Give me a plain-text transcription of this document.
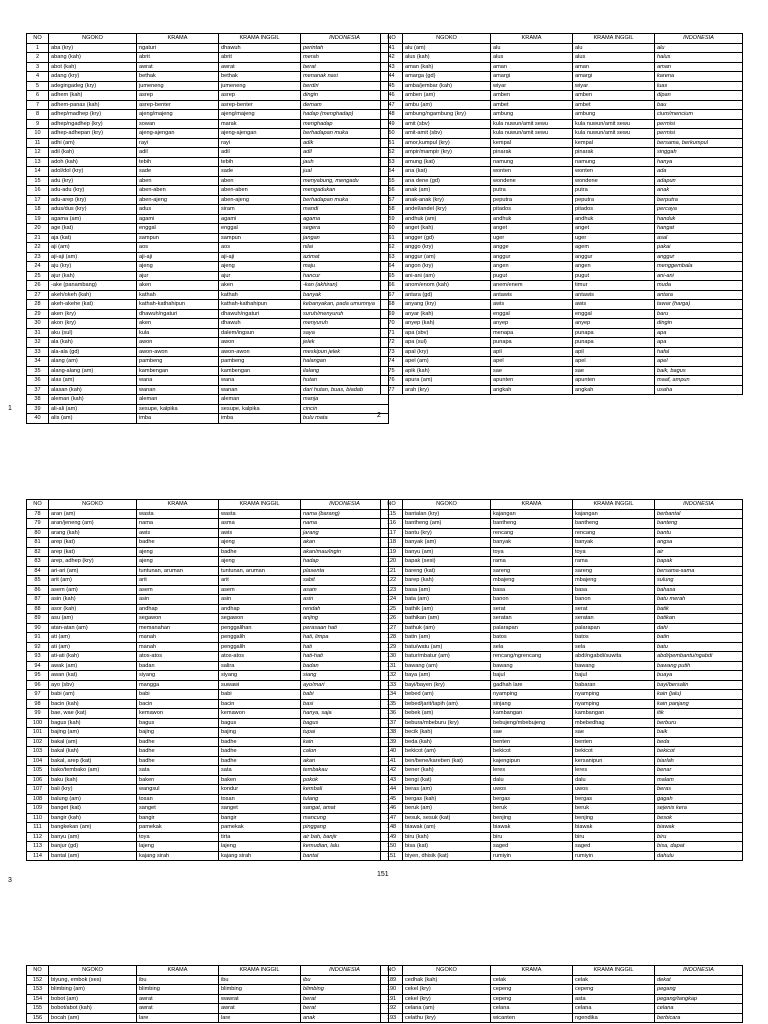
NO	NGOKO	KRAMA	KRAMA INGGIL	INDONESIA
1	aba (kry)	ngaturi	dhawuh	perintah
2	abang (kah)	abrit	abrit	merah
3	abot (kah)	awrat	awrat	berat
4	adang (kry)	bethak	bethak	menanak nasi
5	adegingadeg (kry)	jumeneng	jumeneng	berdiri
6	adhem (kah)	asrep	asrep	dingin
7	adhem-panas (kah)	asrep-benter	asrep-benter	demam
8	adhep/madhep (kry)	ajeng/majeng	ajeng/majeng	hadap (menghadap)
9	adhep/ngadhep (kry)	sowan	marak	menghadap
10	adhep-adhepan (kry)	ajeng-ajengan	ajeng-ajengan	berhadapan muka
11	adhi (am)	rayi	rayi	adik
12	adil (kah)	adil	adil	adil
13	adoh (kah)	tebih	tebih	jauh
14	adol/dol (kry)	sade	sade	jual
15	adu (kry)	aben	aben	menyabung, mengadu
16	adu-adu (kry)	aben-aben	aben-aben	mengadukan
17	adu-arep (kry)	aben-ajeng	aben-ajeng	berhadapan muka
18	adus/dus (kry)	adus	siram	mandi
19	agama (am)	agami	agami	agama
20	age (kat)	enggal	enggal	segera
21	aja (kat)	sampun	sampun	jangan
22	aji (am)	aos	aos	nilai
23	aji-aji (am)	aji-aji	aji-aji	azimat
24	aju (kry)	ajeng	ajeng	maju
25	ajur (kah)	ajur	ajur	hancur
26	-ake (panambang)	aken	aken	-kan (akhiran)
27	akeh/okeh (kah)	kathah	kathah	banyak
28	akeh-akehe (kat)	kathah-kathahipun	kathah-kathahipun	kebanyakan, pada umumnya
29	aken (kry)	dhawuh/ngaturi	dhawuh/ngaturi	suruh/menyuruh
30	akon (kry)	aken	dhawuh	menyuruh
31	aku (sul)	kula	dalem/ingsun	saya
32	ala (kah)	awon	awon	jelek
33	ala-ala (gd)	awon-awon	awon-awon	meskipun jelek
34	alang (am)	pambeng	pambeng	halangan
35	alang-alang (am)	kambengan	kambengan	ilalang
36	alas (am)	wana	wana	hutan
37	alasan (kah)	wanan	wanan	dari hutan, buas, biadab
38	aleman (kah)	aleman	aleman	manja
39	ali-ali (am)	sesupe, kalpika	sesupe, kalpika	cincin
40	alis (am)	imba	imba	bulu mata
NO	NGOKO	KRAMA	KRAMA INGGIL	INDONESIA
41	alu (am)	alu	alu	alu
42	alus (kah)	alus	alus	halus
43	aman (kah)	aman	aman	aman
44	amarga (gd)	amargi	amargi	karena
45	amba/jembar (kah)	wiyar	wiyar	luas
46	amben (am)	amben	amben	dipan
47	ambu (am)	ambet	ambet	bau
48	ambung/ngambung (kry)	ambung	ambung	cium/mencium
49	amit (sbv)	kula nuwun/amit sewu	kula nuwun/amit sewu	permisi
50	amit-amit (sbv)	kula nuwun/amit sewu	kula nuwun/amit sewu	permisi
51	amor,kumpul (kry)	kempal	kempal	bersama, berkumpul
52	ampir/mampir (kry)	pinarak	pinarak	singgah
53	amung (kat)	namung	namung	hanya
54	ana (kat)	wonten	wonten	ada
55	ana dene (gd)	wondene	wondene	adapun
56	anak (am)	putra	putra	anak
57	anak-anak (kry)	peputra	peputra	berputra
58	andel/andel (kry)	pitados	pitados	percaya
59	andhuk (am)	andhuk	andhuk	handuk
60	anget (kah)	anget	anget	hangat
61	angger (gd)	uger	uger	asal
62	anggo (kry)	angge	agem	pakai
63	anggur (am)	anggur	anggur	anggur
64	angon (kry)	angen	angen	menggembala
65	ani-ani (am)	pugut	pugut	ani-ani
66	anom/enom (kah)	anem/enem	timur	muda
67	antara (gd)	antawis	antawis	antara
68	anyang (kry)	awis	awis	tawar (harga)
69	anyar (kah)	enggal	enggal	baru
70	anyep (kah)	anyep	anyep	dingin
71	apa (sbv)	menapa	punapa	apa
72	apa (sul)	punapa	punapa	apa
73	apal (kry)	apil	apil	hafal
74	apel (am)	apel	apel	apel
75	apik (kah)	sae	sae	baik, bagus
76	apura (am)	apunten	apunten	maaf, ampun
77	arah (kry)	angkah	angkah	usaha
NO	NGOKO	KRAMA	KRAMA INGGIL	INDONESIA
78	aran (am)	wasta	wasta	nama (barang)
79	aran/jeneng (am)	nama	asma	nama
80	arang (kah)	awis	awis	jarang
81	arep (kat)	badhe	ajeng	akan
82	arep (kat)	ajeng	badhe	akan/mau/ingin
83	arep, adhep (kry)	ajeng	ajeng	hadap
84	ari-ari (am)	tuntunan, aruman	tuntunan, aruman	plasenta
85	arit (am)	arit	arit	sabit
86	asem (am)	asem	asem	asam
87	asin (kah)	asin	asin	asin
88	asor (kah)	andhap	andhap	rendah
89	asu (am)	segawon	segawon	anjing
90	atan-atan (am)	memanahan	penggalihan	perasaan hati
91	ati (am)	manah	penggalih	hati, limpa
92	ati (am)	manah	penggalih	hati
93	ati-ati (kah)	atos-atos	atos-atos	hati-hati
94	awak (am)	badan	salira	badan
95	awan (kat)	siyang	siyang	siang
96	ayo (sbv)	mangga	suwawi	ayo/mari
97	babi (am)	babi	babi	babi
98	bacin (kah)	bacin	bacin	basi
99	bae, wae (kat)	kemawon	kemawon	hanya, saja
100	bagus (kah)	bagus	bagus	bagus
101	bajing (am)	bajing	bajing	tupai
102	bakal (am)	badhe	badhe	kain
103	bakal (kah)	badhe	badhe	calon
104	bakal, arep (kat)	badhe	badhe	akan
105	bako/tembako (am)	sata	sata	tembakau
106	baku (kah)	baken	baken	pokok
107	bali (kry)	wangsul	kondur	kembali
108	balung (am)	tosan	tosan	tulang
109	banget (kat)	sanget	sanget	sangat, amat
110	bangir (kah)	bangir	bangir	mancung
111	bangkekan (am)	pamekak	pamekak	pinggang
112	banyu (am)	toya	tirta	air bah, banjir
113	banjur (gd)	lajeng	lajeng	kemudian, lalu
114	bantal (am)	kajang sirah	kajang sirah	bantal
NO	NGOKO	KRAMA	KRAMA INGGIL	INDONESIA
115	bantalan (kry)	kajangan	kajangan	berbantal
116	bantheng (am)	bantheng	bantheng	banteng
117	bantu (kry)	rencang	rencang	bantu
118	banyak (am)	banyak	banyak	angsa
119	banyu (am)	toya	toya	air
120	bapak (sesi)	rama	rama	bapak
121	bareng (kat)	sareng	sareng	bersama-sama
122	barep (kah)	mbajeng	mbajeng	sulung
123	basa (am)	basa	basa	bahasa
124	bata (am)	banon	banon	batu merah
125	bathik (am)	serat	serat	batik
126	bathikan (am)	seratan	seratan	batikan
127	bathuk (am)	palarapan	palarapan	dahi
128	batin (am)	batos	batos	batin
129	batu/watu (am)	sela	sela	batu
130	batur/mbatur (am)	rencang/ngrencang	abdi/ngabdi/suwita	abdi/pembantu/ngabdi
131	bawang (am)	bawang	bawang	bawang putih
132	baya (am)	bajul	bajul	buaya
133	bayi/bayen (kry)	gadhah lare	babaran	bayi/bersalin
134	bebed (am)	nyamping	nyamping	kain (jalu)
135	bebed/jarit/tapih (am)	sinjang	nyamping	kain panjang
136	bebek (am)	kambangan	kambangan	itik
137	bebura/mbeburu (kry)	bebujeng/mbebujeng	mbebedhag	berburu
138	becik (kah)	sae	sae	baik
139	beda (kah)	benten	benten	beda
140	bekicot (am)	bekicot	bekicot	bekicot
141	ben/bene/kareben (kat)	kajengipun	kersanipun	biarlah
142	bener (kah)	leres	leres	benar
143	bengi (kat)	dalu	dalu	malam
144	beras (am)	uwos	uwos	beras
145	bergas (kah)	bergas	bergas	gagah
146	beruk (am)	beruk	beruk	sejenis kera
147	besuk, sesuk (kat)	benjing	benjing	besok
148	biawak (am)	biawak	biawak	biawak
149	biru (kah)	biru	biru	biru
150	bisa (kat)	saged	saged	bisa, dapat
151	biyen, dhisik (kat)	rumiyin	rumiyin	dahulu
NO	NGOKO	KRAMA	KRAMA INGGIL	INDONESIA
152	biyung, embok (ses)	ibu	ibu	ibu
153	blimbing (am)	blimbing	blimbing	blimbing
154	bobot (am)	awrat	wawrat	berat
155	bobot/abot (kah)	awrat	awrat	berat
156	bocah (am)	lare	lare	anak
NO	NGOKO	KRAMA	KRAMA INGGIL	INDONESIA
189	cedhak (kah)	celak	celak	dekat
190	cekel (kry)	cepeng	cepeng	pegang
191	cekel (kry)	cepeng	asta	pegang/tangkap
192	celana (am)	celana	celana	celana
193	celathu (kry)	wicanten	ngendika	berbicara
1
2
3
151
